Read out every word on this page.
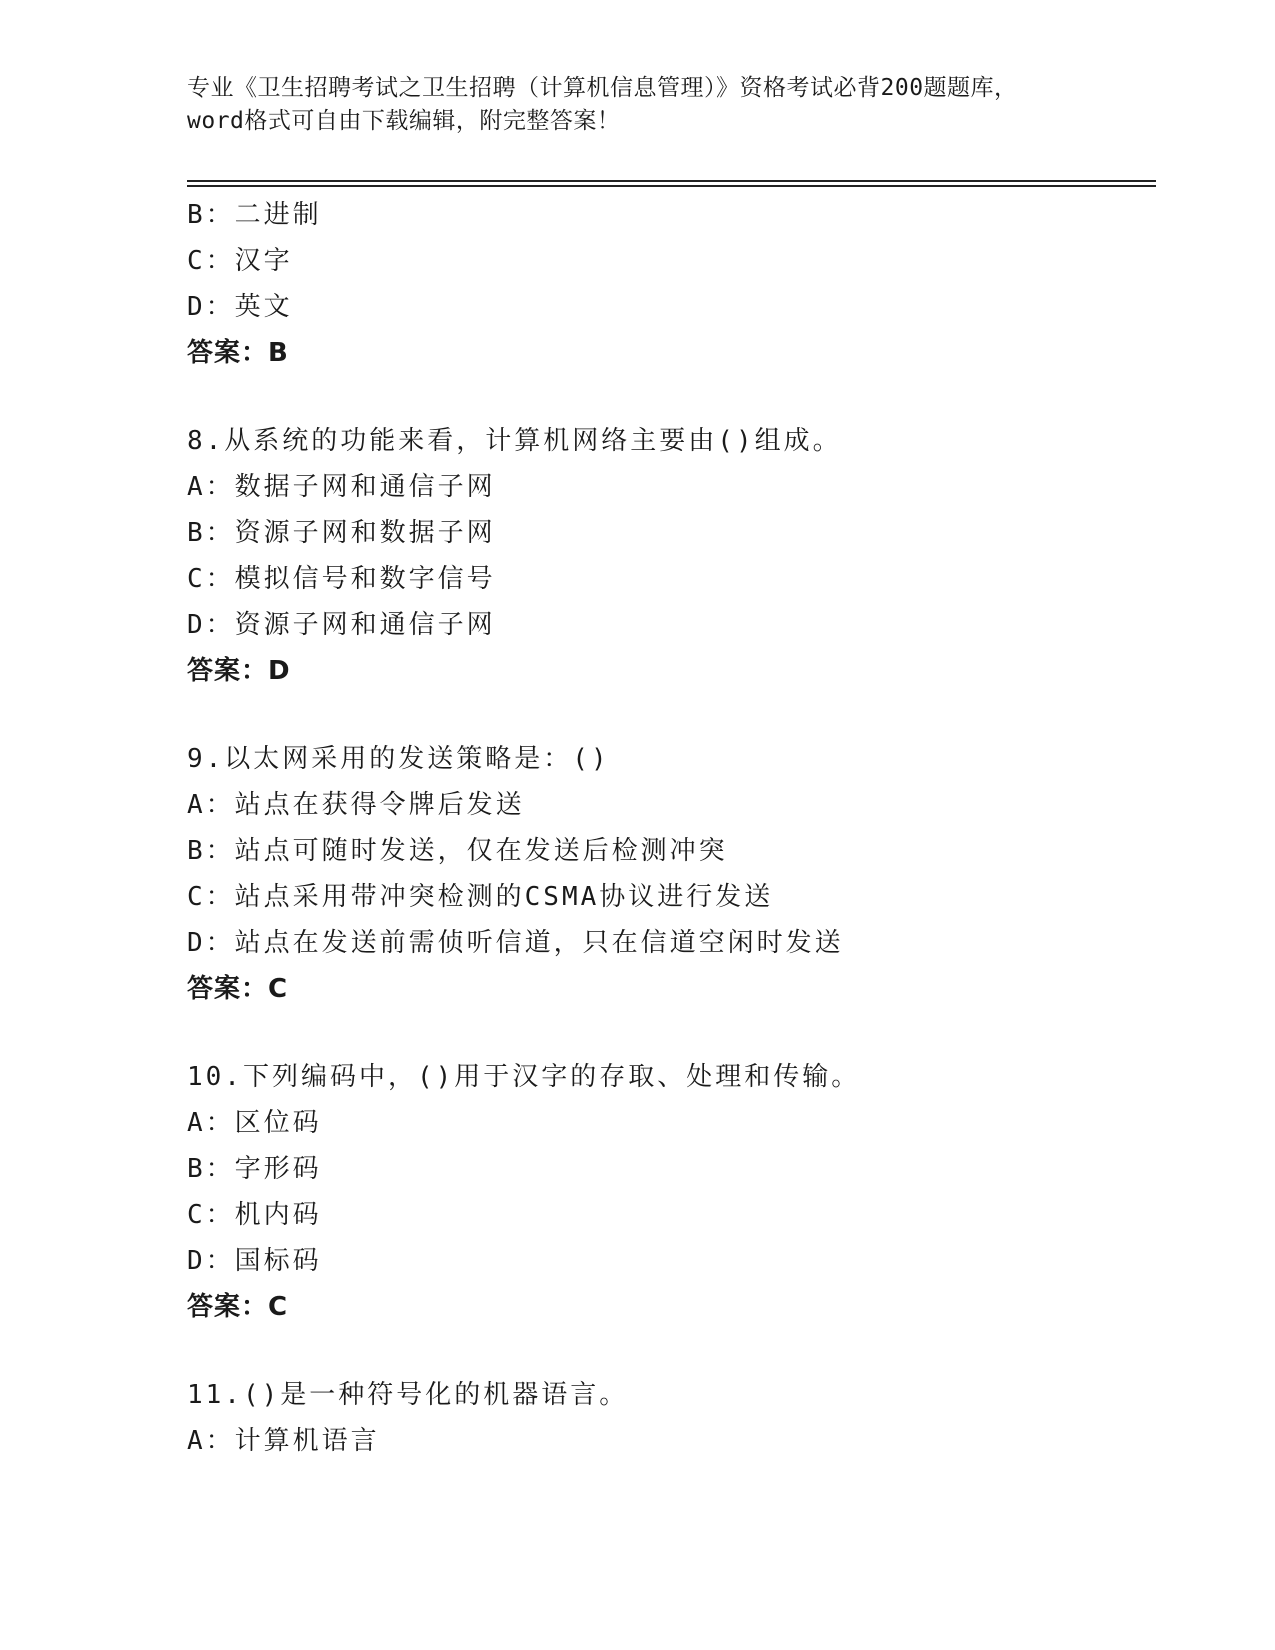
专业《卫生招聘考试之卫生招聘（计算机信息管理）》资格考试必背200题题库，
word格式可自由下载编辑，附完整答案！
B：二进制
C：汉字
D：英文
答案：B
8.从系统的功能来看，计算机网络主要由()组成。
A：数据子网和通信子网
B：资源子网和数据子网
C：模拟信号和数字信号
D：资源子网和通信子网
答案：D
9.以太网采用的发送策略是：()
A：站点在获得令牌后发送
B：站点可随时发送，仅在发送后检测冲突
C：站点采用带冲突检测的CSMA协议进行发送
D：站点在发送前需侦听信道，只在信道空闲时发送
答案：C
10.下列编码中，()用于汉字的存取、处理和传输。
A：区位码
B：字形码
C：机内码
D：国标码
答案：C
11.()是一种符号化的机器语言。
A：计算机语言
